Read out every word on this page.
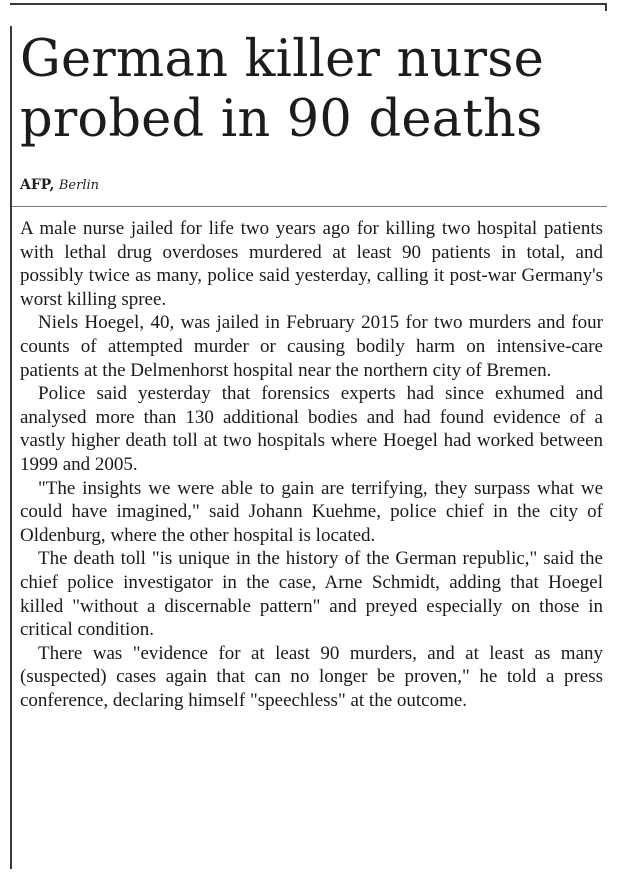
German killer nurse
probed in 90 deaths
AFP, Berlin

A male nurse jailed for life two years ago for killing two hospital patients with lethal drug overdoses murdered at least 90 patients in total, and possibly twice as many, police said yesterday, calling it post-war Germany's worst killing spree.

Niels Hoegel, 40, was jailed in February 2015 for two murders and four counts of attempted murder or causing bodily harm on intensive-care patients at the Delmenhorst hospital near the northern city of Bremen.

Police said yesterday that forensics experts had since exhumed and analysed more than 130 additional bodies and had found evidence of a vastly higher death toll at two hospitals where Hoegel had worked between 1999 and 2005.

"The insights we were able to gain are terrifying, they surpass what we could have imagined," said Johann Kuehme, police chief in the city of Oldenburg, where the other hospital is located.

The death toll "is unique in the history of the German republic," said the chief police investigator in the case, Arne Schmidt, adding that Hoegel killed "without a discernable pattern" and preyed especially on those in critical condition.

There was "evidence for at least 90 murders, and at least as many (suspected) cases again that can no longer be proven," he told a press conference, declaring himself "speechless" at the outcome.
